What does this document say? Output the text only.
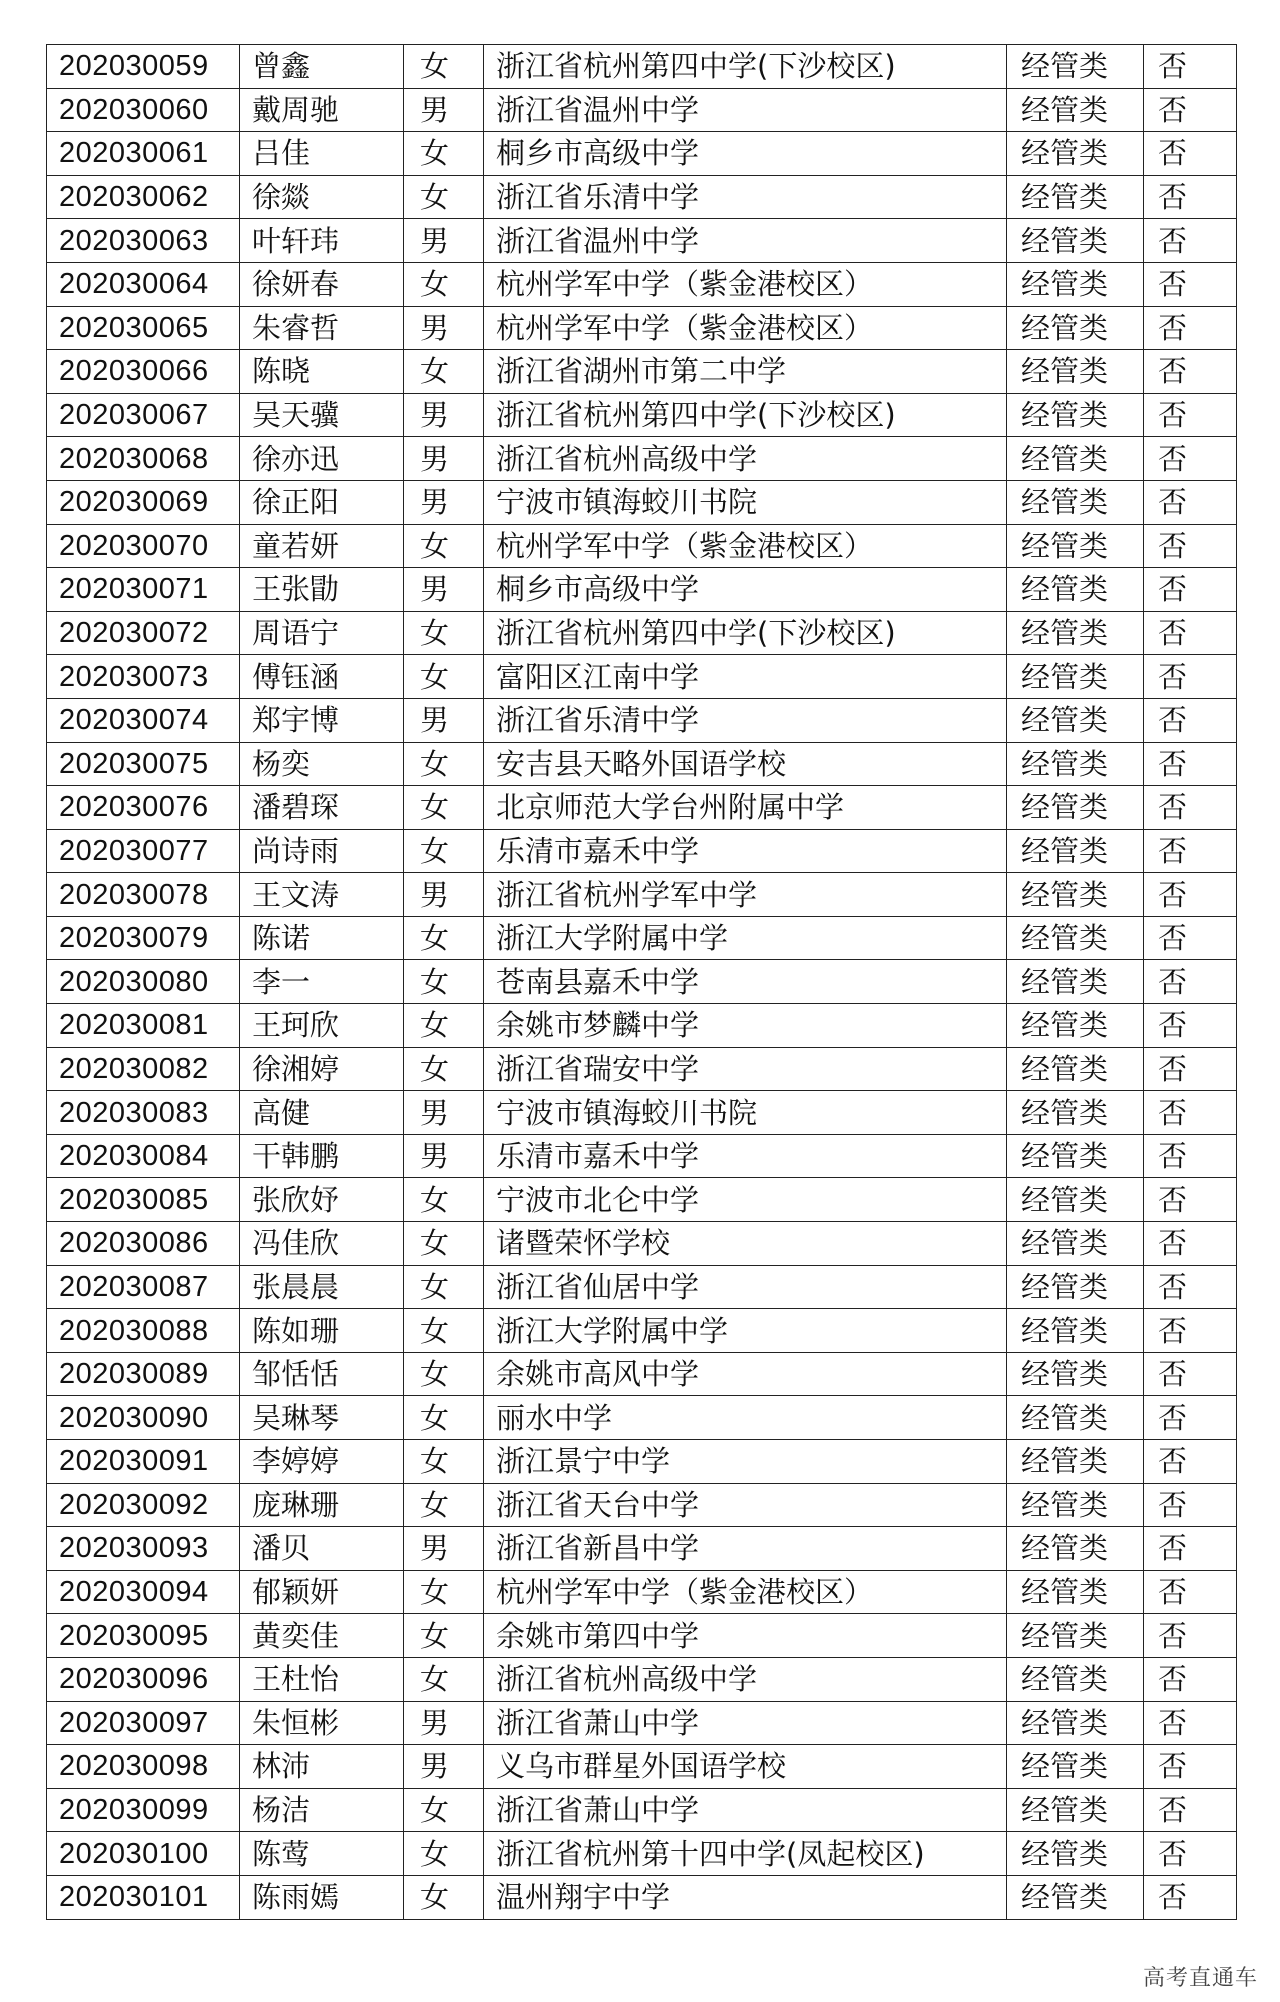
202030059	曾鑫	女	浙江省杭州第四中学(下沙校区)	经管类	否
202030060	戴周驰	男	浙江省温州中学	经管类	否
202030061	吕佳	女	桐乡市高级中学	经管类	否
202030062	徐燚	女	浙江省乐清中学	经管类	否
202030063	叶轩玮	男	浙江省温州中学	经管类	否
202030064	徐妍春	女	杭州学军中学（紫金港校区）	经管类	否
202030065	朱睿哲	男	杭州学军中学（紫金港校区）	经管类	否
202030066	陈晓	女	浙江省湖州市第二中学	经管类	否
202030067	吴天骥	男	浙江省杭州第四中学(下沙校区)	经管类	否
202030068	徐亦迅	男	浙江省杭州高级中学	经管类	否
202030069	徐正阳	男	宁波市镇海蛟川书院	经管类	否
202030070	童若妍	女	杭州学军中学（紫金港校区）	经管类	否
202030071	王张勖	男	桐乡市高级中学	经管类	否
202030072	周语宁	女	浙江省杭州第四中学(下沙校区)	经管类	否
202030073	傅钰涵	女	富阳区江南中学	经管类	否
202030074	郑宇博	男	浙江省乐清中学	经管类	否
202030075	杨奕	女	安吉县天略外国语学校	经管类	否
202030076	潘碧琛	女	北京师范大学台州附属中学	经管类	否
202030077	尚诗雨	女	乐清市嘉禾中学	经管类	否
202030078	王文涛	男	浙江省杭州学军中学	经管类	否
202030079	陈诺	女	浙江大学附属中学	经管类	否
202030080	李一	女	苍南县嘉禾中学	经管类	否
202030081	王珂欣	女	余姚市梦麟中学	经管类	否
202030082	徐湘婷	女	浙江省瑞安中学	经管类	否
202030083	高健	男	宁波市镇海蛟川书院	经管类	否
202030084	干韩鹏	男	乐清市嘉禾中学	经管类	否
202030085	张欣妤	女	宁波市北仑中学	经管类	否
202030086	冯佳欣	女	诸暨荣怀学校	经管类	否
202030087	张晨晨	女	浙江省仙居中学	经管类	否
202030088	陈如珊	女	浙江大学附属中学	经管类	否
202030089	邹恬恬	女	余姚市高风中学	经管类	否
202030090	吴琳琴	女	丽水中学	经管类	否
202030091	李婷婷	女	浙江景宁中学	经管类	否
202030092	庞琳珊	女	浙江省天台中学	经管类	否
202030093	潘贝	男	浙江省新昌中学	经管类	否
202030094	郁颖妍	女	杭州学军中学（紫金港校区）	经管类	否
202030095	黄奕佳	女	余姚市第四中学	经管类	否
202030096	王杜怡	女	浙江省杭州高级中学	经管类	否
202030097	朱恒彬	男	浙江省萧山中学	经管类	否
202030098	林沛	男	义乌市群星外国语学校	经管类	否
202030099	杨洁	女	浙江省萧山中学	经管类	否
202030100	陈莺	女	浙江省杭州第十四中学(凤起校区)	经管类	否
202030101	陈雨嫣	女	温州翔宇中学	经管类	否
高考直通车
